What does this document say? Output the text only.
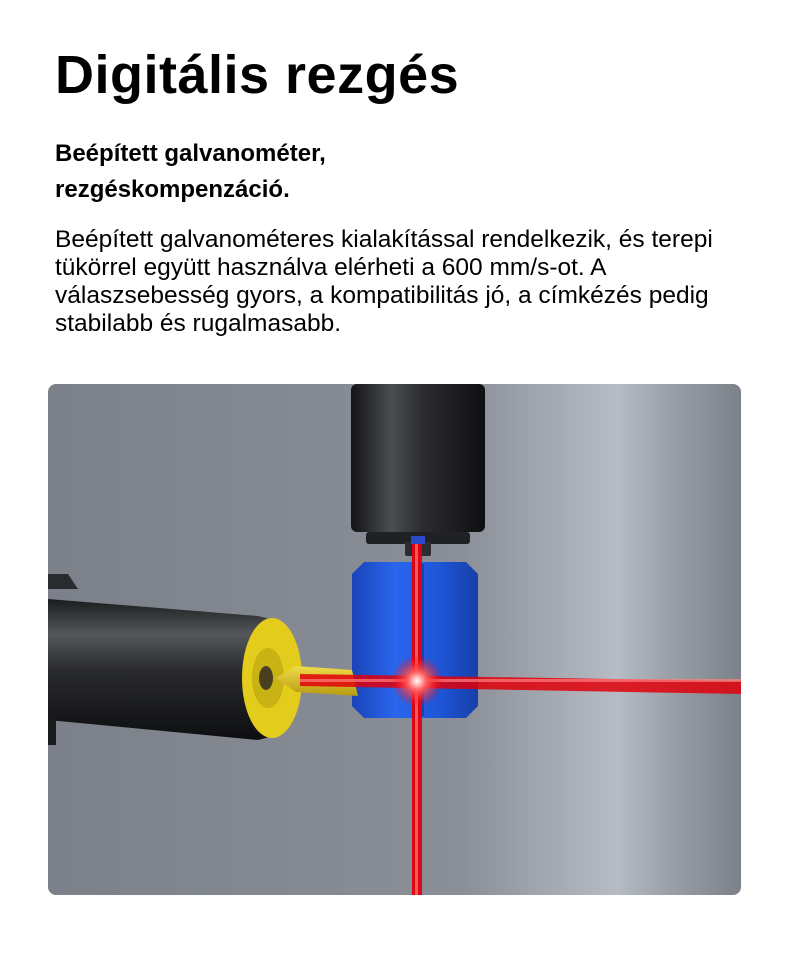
Digitális rezgés
Beépített galvanométer,
rezgéskompenzáció.

Beépített galvanométeres kialakítással rendelkezik, és terepi tükörrel együtt használva elérheti a 600 mm/s-ot. A válaszsebesség gyors, a kompatibilitás jó, a címkézés pedig stabilabb és rugalmasabb.
